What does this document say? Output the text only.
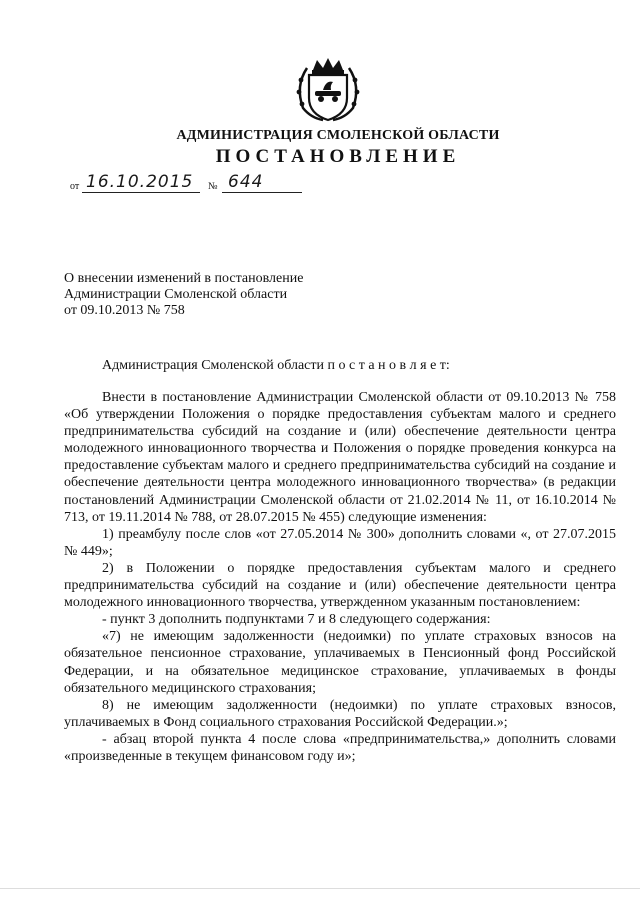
АДМИНИСТРАЦИЯ СМОЛЕНСКОЙ ОБЛАСТИ
ПОСТАНОВЛЕНИЕ
от 16.10.2015 № 644
О внесении изменений в постановление
Администрации Смоленской области
от 09.10.2013 № 758
Администрация Смоленской области п о с т а н о в л я е т:

Внести в постановление Администрации Смоленской области от 09.10.2013 № 758 «Об утверждении Положения о порядке предоставления субъектам малого и среднего предпринимательства субсидий на создание и (или) обеспечение деятельности центра молодежного инновационного творчества и Положения о порядке проведения конкурса на предоставление субъектам малого и среднего предпринимательства субсидий на создание и обеспечение деятельности центра молодежного инновационного творчества» (в редакции постановлений Администрации Смоленской области от 21.02.2014 № 11, от 16.10.2014 № 713, от 19.11.2014 № 788, от 28.07.2015 № 455) следующие изменения:

1) преамбулу после слов «от 27.05.2014 № 300» дополнить словами «, от 27.07.2015 № 449»;

2) в Положении о порядке предоставления субъектам малого и среднего предпринимательства субсидий на создание и (или) обеспечение деятельности центра молодежного инновационного творчества, утвержденном указанным постановлением:

- пункт 3 дополнить подпунктами 7 и 8 следующего содержания:

«7) не имеющим задолженности (недоимки) по уплате страховых взносов на обязательное пенсионное страхование, уплачиваемых в Пенсионный фонд Российской Федерации, и на обязательное медицинское страхование, уплачиваемых в фонды обязательного медицинского страхования;

8) не имеющим задолженности (недоимки) по уплате страховых взносов, уплачиваемых в Фонд социального страхования Российской Федерации.»;

- абзац второй пункта 4 после слова «предпринимательства,» дополнить словами «произведенные в текущем финансовом году и»;
